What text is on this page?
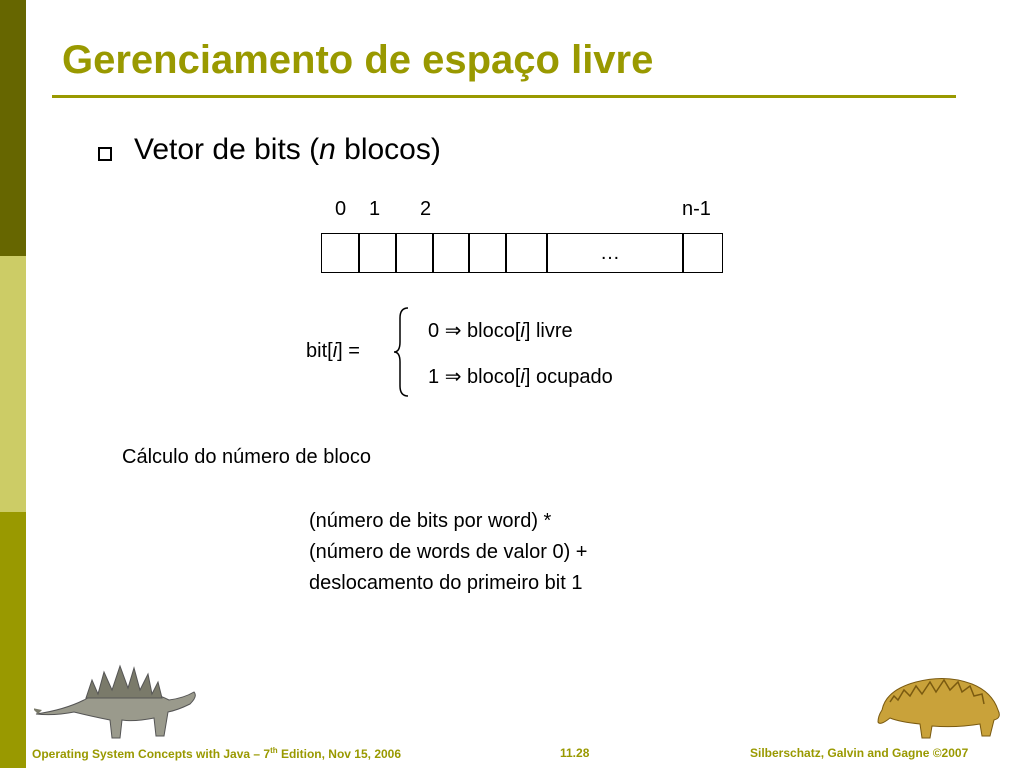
Gerenciamento de espaço livre
Vetor de bits (n blocos)
0 1 2	n-1
…
bit[i] =
0 ⇒ bloco[i] livre
1 ⇒ bloco[i] ocupado
Cálculo do número de bloco
(número de bits por word) *
(número de words de valor 0) +
deslocamento do primeiro bit 1
Operating System Concepts with Java – 7th Edition, Nov 15, 2006	11.28	Silberschatz, Galvin and Gagne ©2007
